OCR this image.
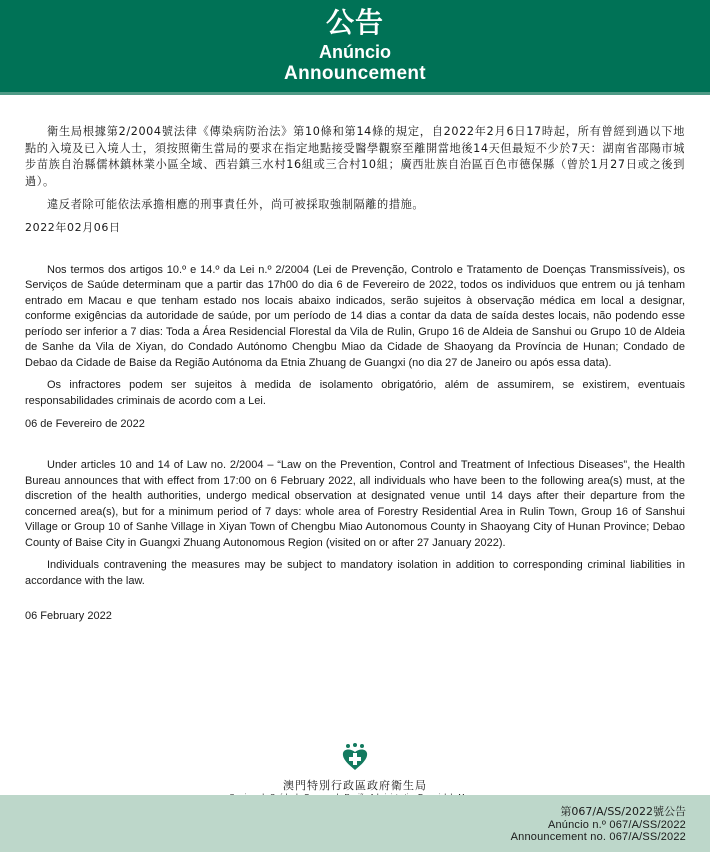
公告
Anúncio
Announcement

衛生局根據第2/2004號法律《傳染病防治法》第10條和第14條的規定，自2022年2月6日17時起，所有曾經到過以下地點的入境及已入境人士，須按照衛生當局的要求在指定地點接受醫學觀察至離開當地後14天但最短不少於7天：湖南省邵陽市城步苗族自治縣儒林鎮林業小區全域、西岩鎮三水村16組或三合村10組；廣西壯族自治區百色市德保縣（曾於1月27日或之後到過）。

違反者除可能依法承擔相應的刑事責任外，尚可被採取強制隔離的措施。

2022年02月06日

Nos termos dos artigos 10.º e 14.º da Lei n.º 2/2004 (Lei de Prevenção, Controlo e Tratamento de Doenças Transmissíveis), os Serviços de Saúde determinam que a partir das 17h00 do dia 6 de Fevereiro de 2022, todos os individuos que entrem ou já tenham entrado em Macau e que tenham estado nos locais abaixo indicados, serão sujeitos à observação médica em local a designar, conforme exigências da autoridade de saúde, por um período de 14 dias a contar da data de saída destes locais, não podendo esse período ser inferior a 7 dias: Toda a Área Residencial Florestal da Vila de Rulin, Grupo 16 de Aldeia de Sanshui ou Grupo 10 de Aldeia de Sanhe da Vila de Xiyan, do Condado Autónomo Chengbu Miao da Cidade de Shaoyang da Província de Hunan; Condado de Debao da Cidade de Baise da Região Autónoma da Etnia Zhuang de Guangxi (no dia 27 de Janeiro ou após essa data).

Os infractores podem ser sujeitos à medida de isolamento obrigatório, além de assumirem, se existirem, eventuais responsabilidades criminais de acordo com a Lei.

06 de Fevereiro de 2022

Under articles 10 and 14 of Law no. 2/2004 – “Law on the Prevention, Control and Treatment of Infectious Diseases”, the Health Bureau announces that with effect from 17:00 on 6 February 2022, all individuals who have been to the following area(s) must, at the discretion of the health authorities, undergo medical observation at designated venue until 14 days after their departure from the concerned area(s), but for a minimum period of 7 days: whole area of Forestry Residential Area in Rulin Town, Group 16 of Sanshui Village or Group 10 of Sanhe Village in Xiyan Town of Chengbu Miao Autonomous County in Shaoyang City of Hunan Province; Debao County of Baise City in Guangxi Zhuang Autonomous Region (visited on or after 27 January 2022).

Individuals contravening the measures may be subject to mandatory isolation in addition to corresponding criminal liabilities in accordance with the law.

06 February 2022

澳門特別行政區政府衛生局
第067/A/SS/2022號公告
Anúncio n.º 067/A/SS/2022
Announcement no. 067/A/SS/2022
